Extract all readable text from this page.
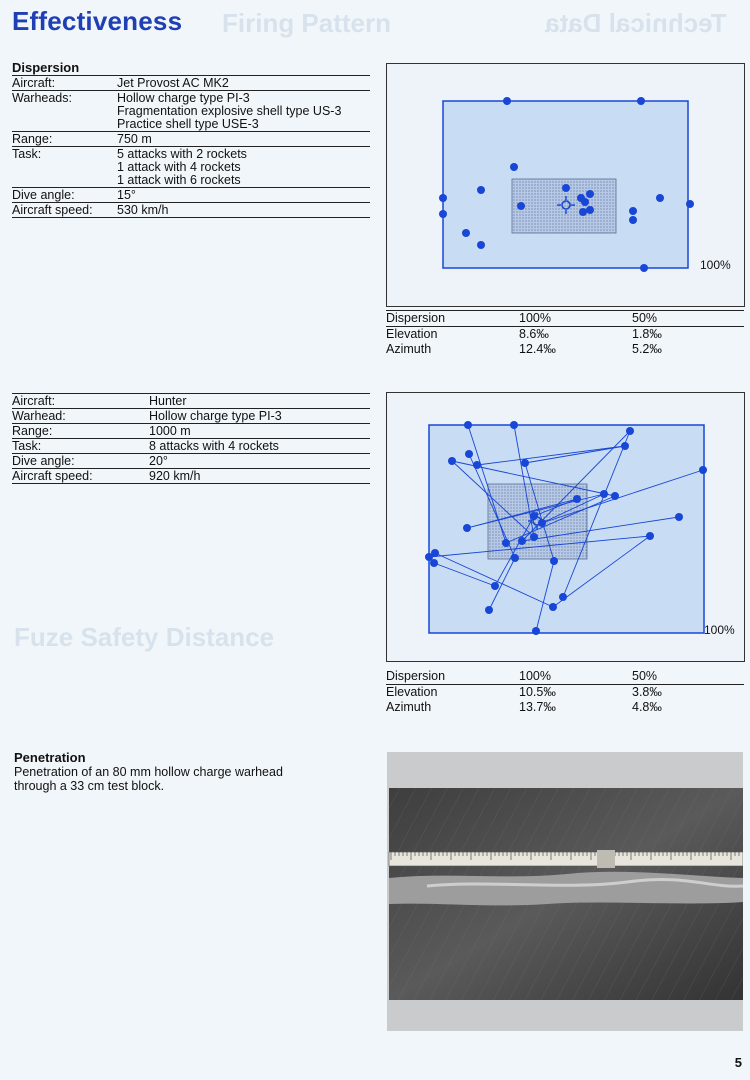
Firing Pattern	Technical Data
Fuze Safety Distance
Effectiveness
Dispersion
Aircraft:	Jet Provost AC MK2
Warheads:	Hollow charge type PI-3
Fragmentation explosive shell type US-3
Practice shell type USE-3
Range:	750 m
Task:	5 attacks with 2 rockets
1 attack with 4 rockets
1 attack with 6 rockets
Dive angle:	15°
Aircraft speed:	530 km/h
Aircraft:	Hunter
Warhead:	Hollow charge type PI-3
Range:	1000 m
Task:	8 attacks with 4 rockets
Dive angle:	20°
Aircraft speed:	920 km/h
100%
Dispersion	100%	50%
Elevation	8.6‰	1.8‰
Azimuth	12.4‰	5.2‰
100%
Dispersion	100%	50%
Elevation	10.5‰	3.8‰
Azimuth	13.7‰	4.8‰
Penetration
Penetration of an 80 mm hollow charge warhead
through a 33 cm test block.
5
